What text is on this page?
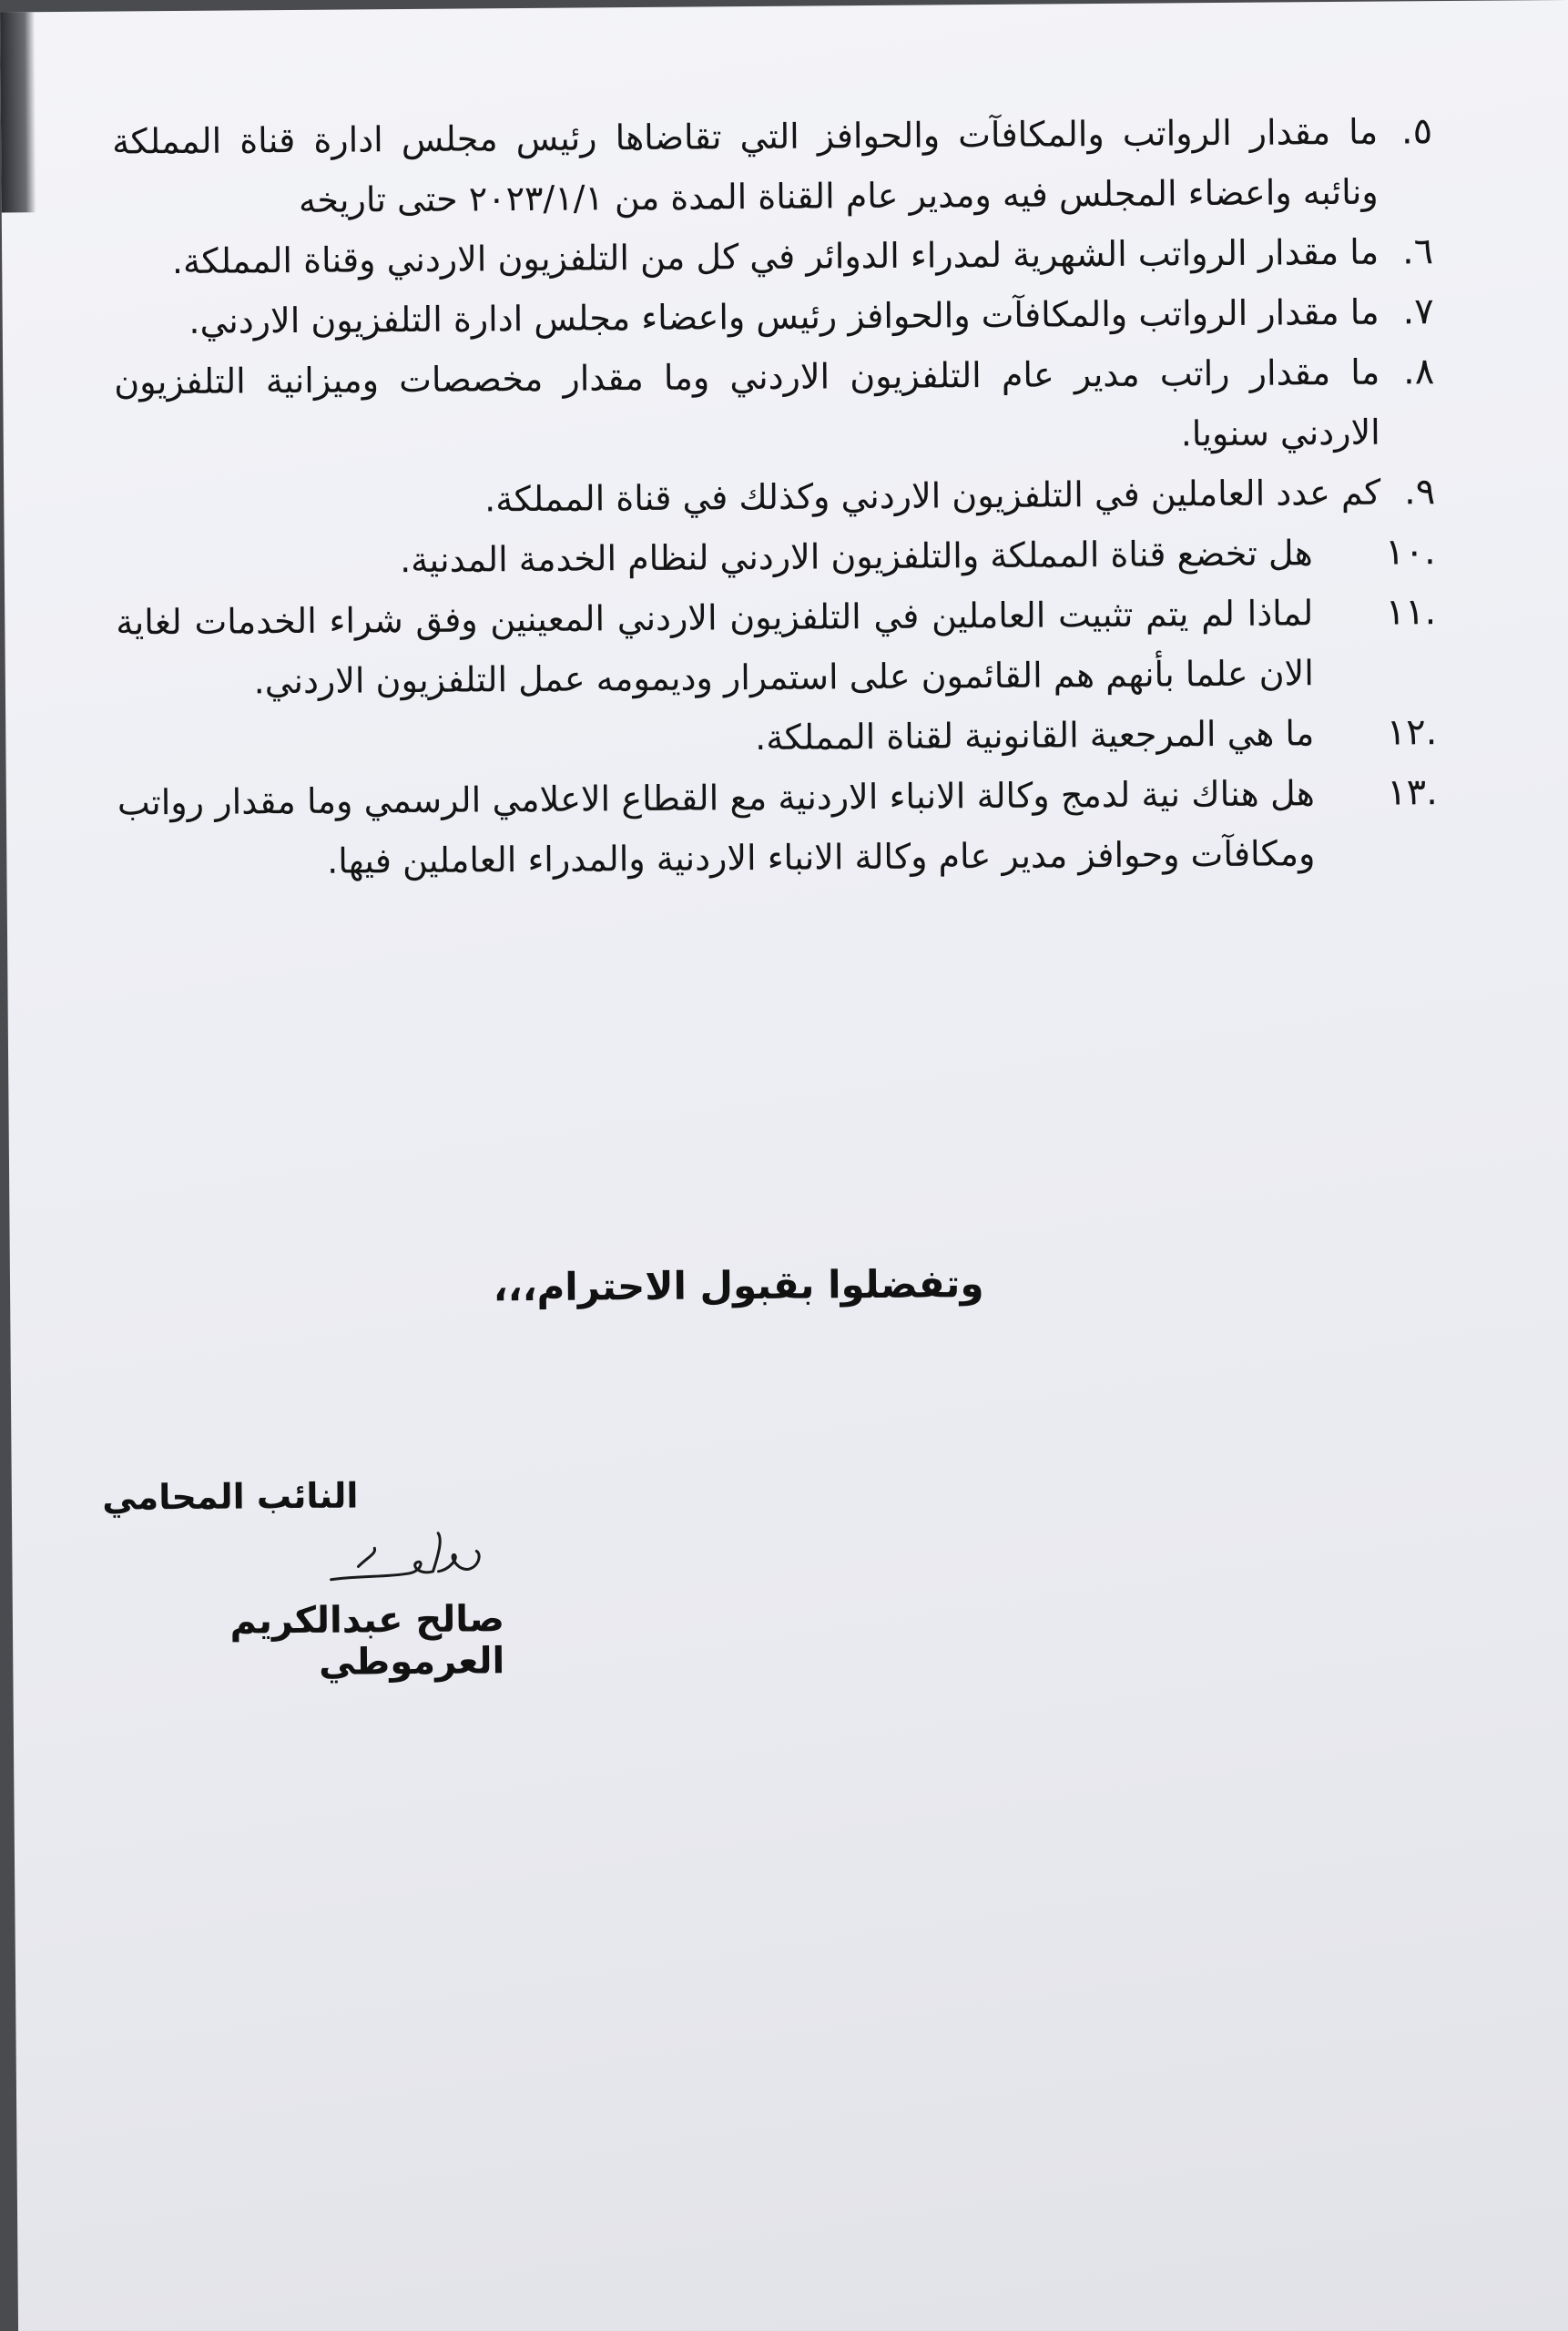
٥.
ما مقدار الرواتب والمكافآت والحوافز التي تقاضاها رئيس مجلس ادارة قناة المملكة ونائبه واعضاء المجلس فيه ومدير عام القناة المدة من ٢٠٢٣/١/١ حتى تاريخه
٦.
ما مقدار الرواتب الشهرية لمدراء الدوائر في كل من التلفزيون الاردني وقناة المملكة.
٧.
ما مقدار الرواتب والمكافآت والحوافز رئيس واعضاء مجلس ادارة التلفزيون الاردني.
٨.
ما مقدار راتب مدير عام التلفزيون الاردني وما مقدار مخصصات وميزانية التلفزيون الاردني سنويا.
٩.
كم عدد العاملين في التلفزيون الاردني وكذلك في قناة المملكة.
.١٠
هل تخضع قناة المملكة والتلفزيون الاردني لنظام الخدمة المدنية.
.١١
لماذا لم يتم تثبيت العاملين في التلفزيون الاردني المعينين وفق شراء الخدمات لغاية الان علما بأنهم هم القائمون على استمرار وديمومه عمل التلفزيون الاردني.
.١٢
ما هي المرجعية القانونية لقناة المملكة.
.١٣
هل هناك نية لدمج وكالة الانباء الاردنية مع القطاع الاعلامي الرسمي وما مقدار رواتب ومكافآت وحوافز مدير عام وكالة الانباء الاردنية والمدراء العاملين فيها.
وتفضلوا بقبول الاحترام،،،
النائب المحامي
صالح عبدالكريم العرموطي
